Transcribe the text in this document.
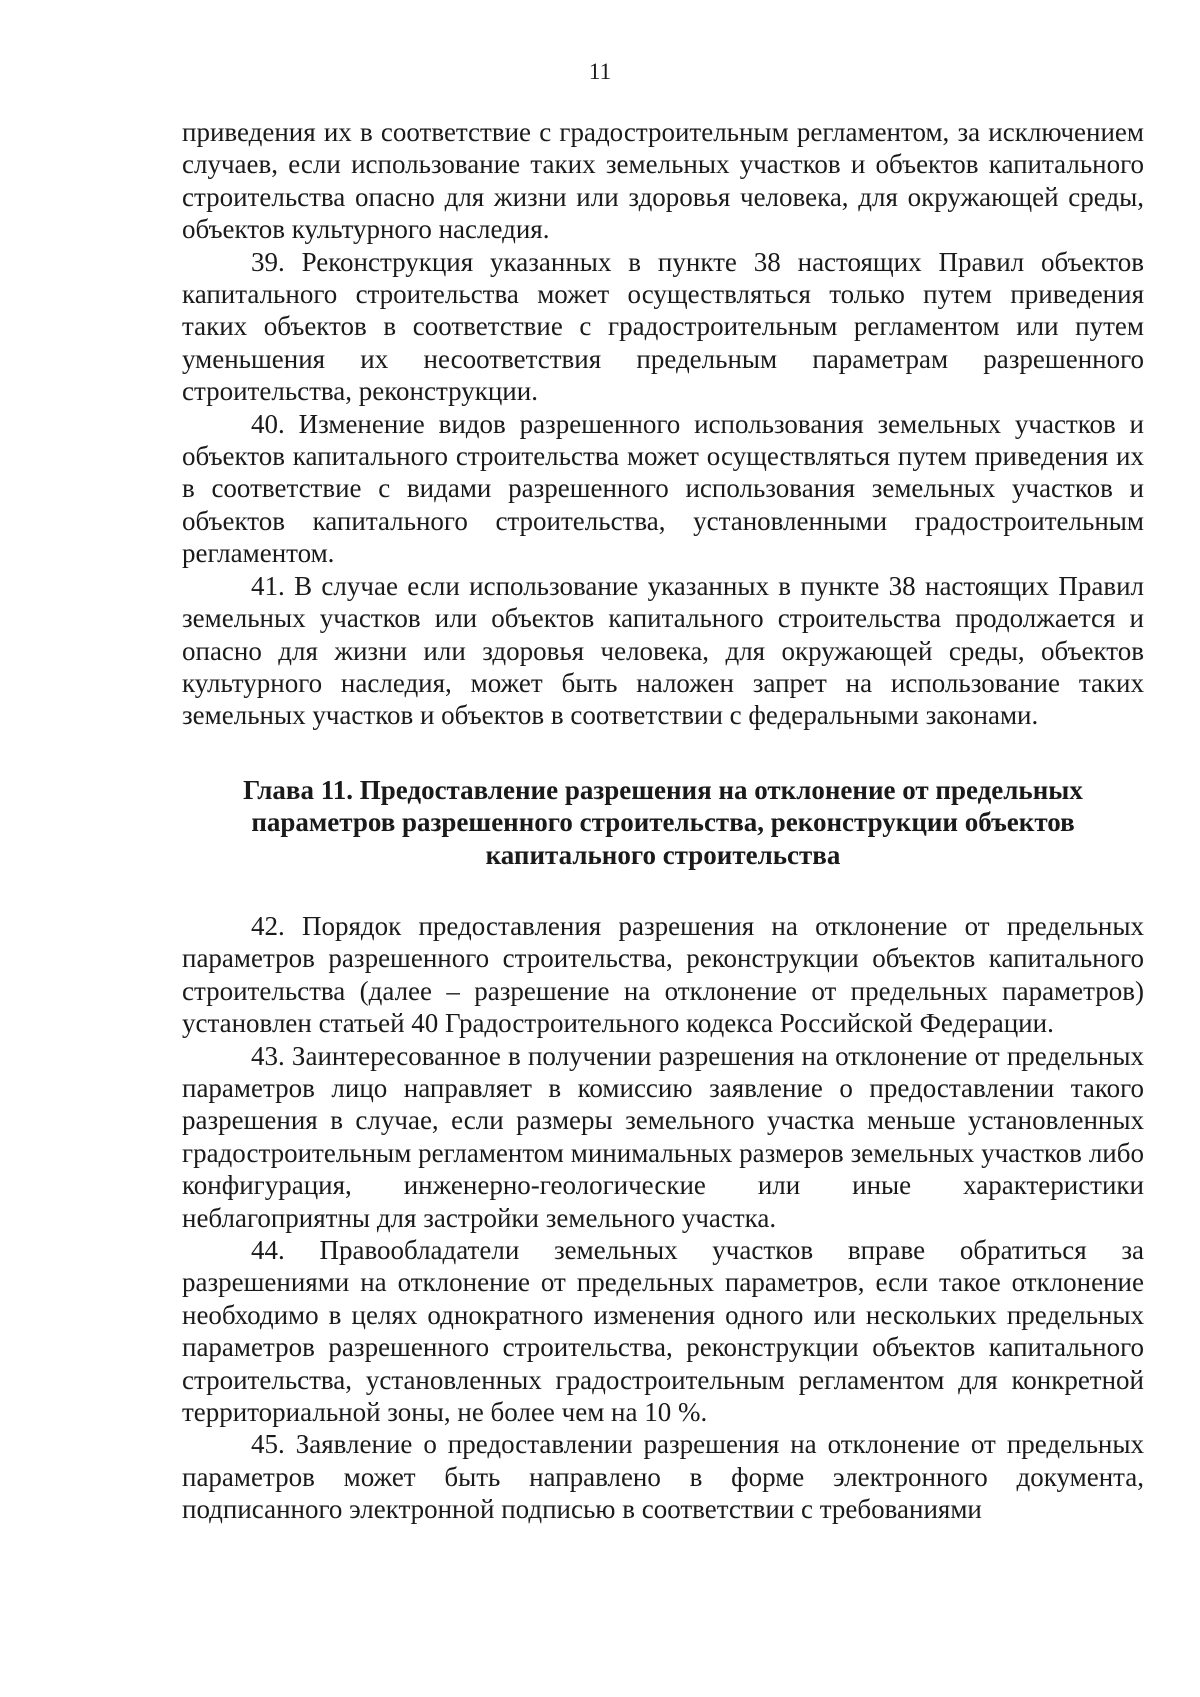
11

приведения их в соответствие с градостроительным регламентом, за исключением случаев, если использование таких земельных участков и объектов капитального строительства опасно для жизни или здоровья человека, для окружающей среды, объектов культурного наследия.

39. Реконструкция указанных в пункте 38 настоящих Правил объектов капитального строительства может осуществляться только путем приведения таких объектов в соответствие с градостроительным регламентом или путем уменьшения их несоответствия предельным параметрам разрешенного строительства, реконструкции.

40. Изменение видов разрешенного использования земельных участков и объектов капитального строительства может осуществляться путем приведения их в соответствие с видами разрешенного использования земельных участков и объектов капитального строительства, установленными градостроительным регламентом.

41. В случае если использование указанных в пункте 38 настоящих Правил земельных участков или объектов капитального строительства продолжается и опасно для жизни или здоровья человека, для окружающей среды, объектов культурного наследия, может быть наложен запрет на использование таких земельных участков и объектов в соответствии с федеральными законами.

Глава 11. Предоставление разрешения на отклонение от предельных параметров разрешенного строительства, реконструкции объектов капитального строительства

42. Порядок предоставления разрешения на отклонение от предельных параметров разрешенного строительства, реконструкции объектов капитального строительства (далее – разрешение на отклонение от предельных параметров) установлен статьей 40 Градостроительного кодекса Российской Федерации.

43. Заинтересованное в получении разрешения на отклонение от предельных параметров лицо направляет в комиссию заявление о предоставлении такого разрешения в случае, если размеры земельного участка меньше установленных градостроительным регламентом минимальных размеров земельных участков либо конфигурация, инженерно-геологические или иные характеристики неблагоприятны для застройки земельного участка.

44. Правообладатели земельных участков вправе обратиться за разрешениями на отклонение от предельных параметров, если такое отклонение необходимо в целях однократного изменения одного или нескольких предельных параметров разрешенного строительства, реконструкции объектов капитального строительства, установленных градостроительным регламентом для конкретной территориальной зоны, не более чем на 10 %.

45. Заявление о предоставлении разрешения на отклонение от предельных параметров может быть направлено в форме электронного документа, подписанного электронной подписью в соответствии с требованиями
